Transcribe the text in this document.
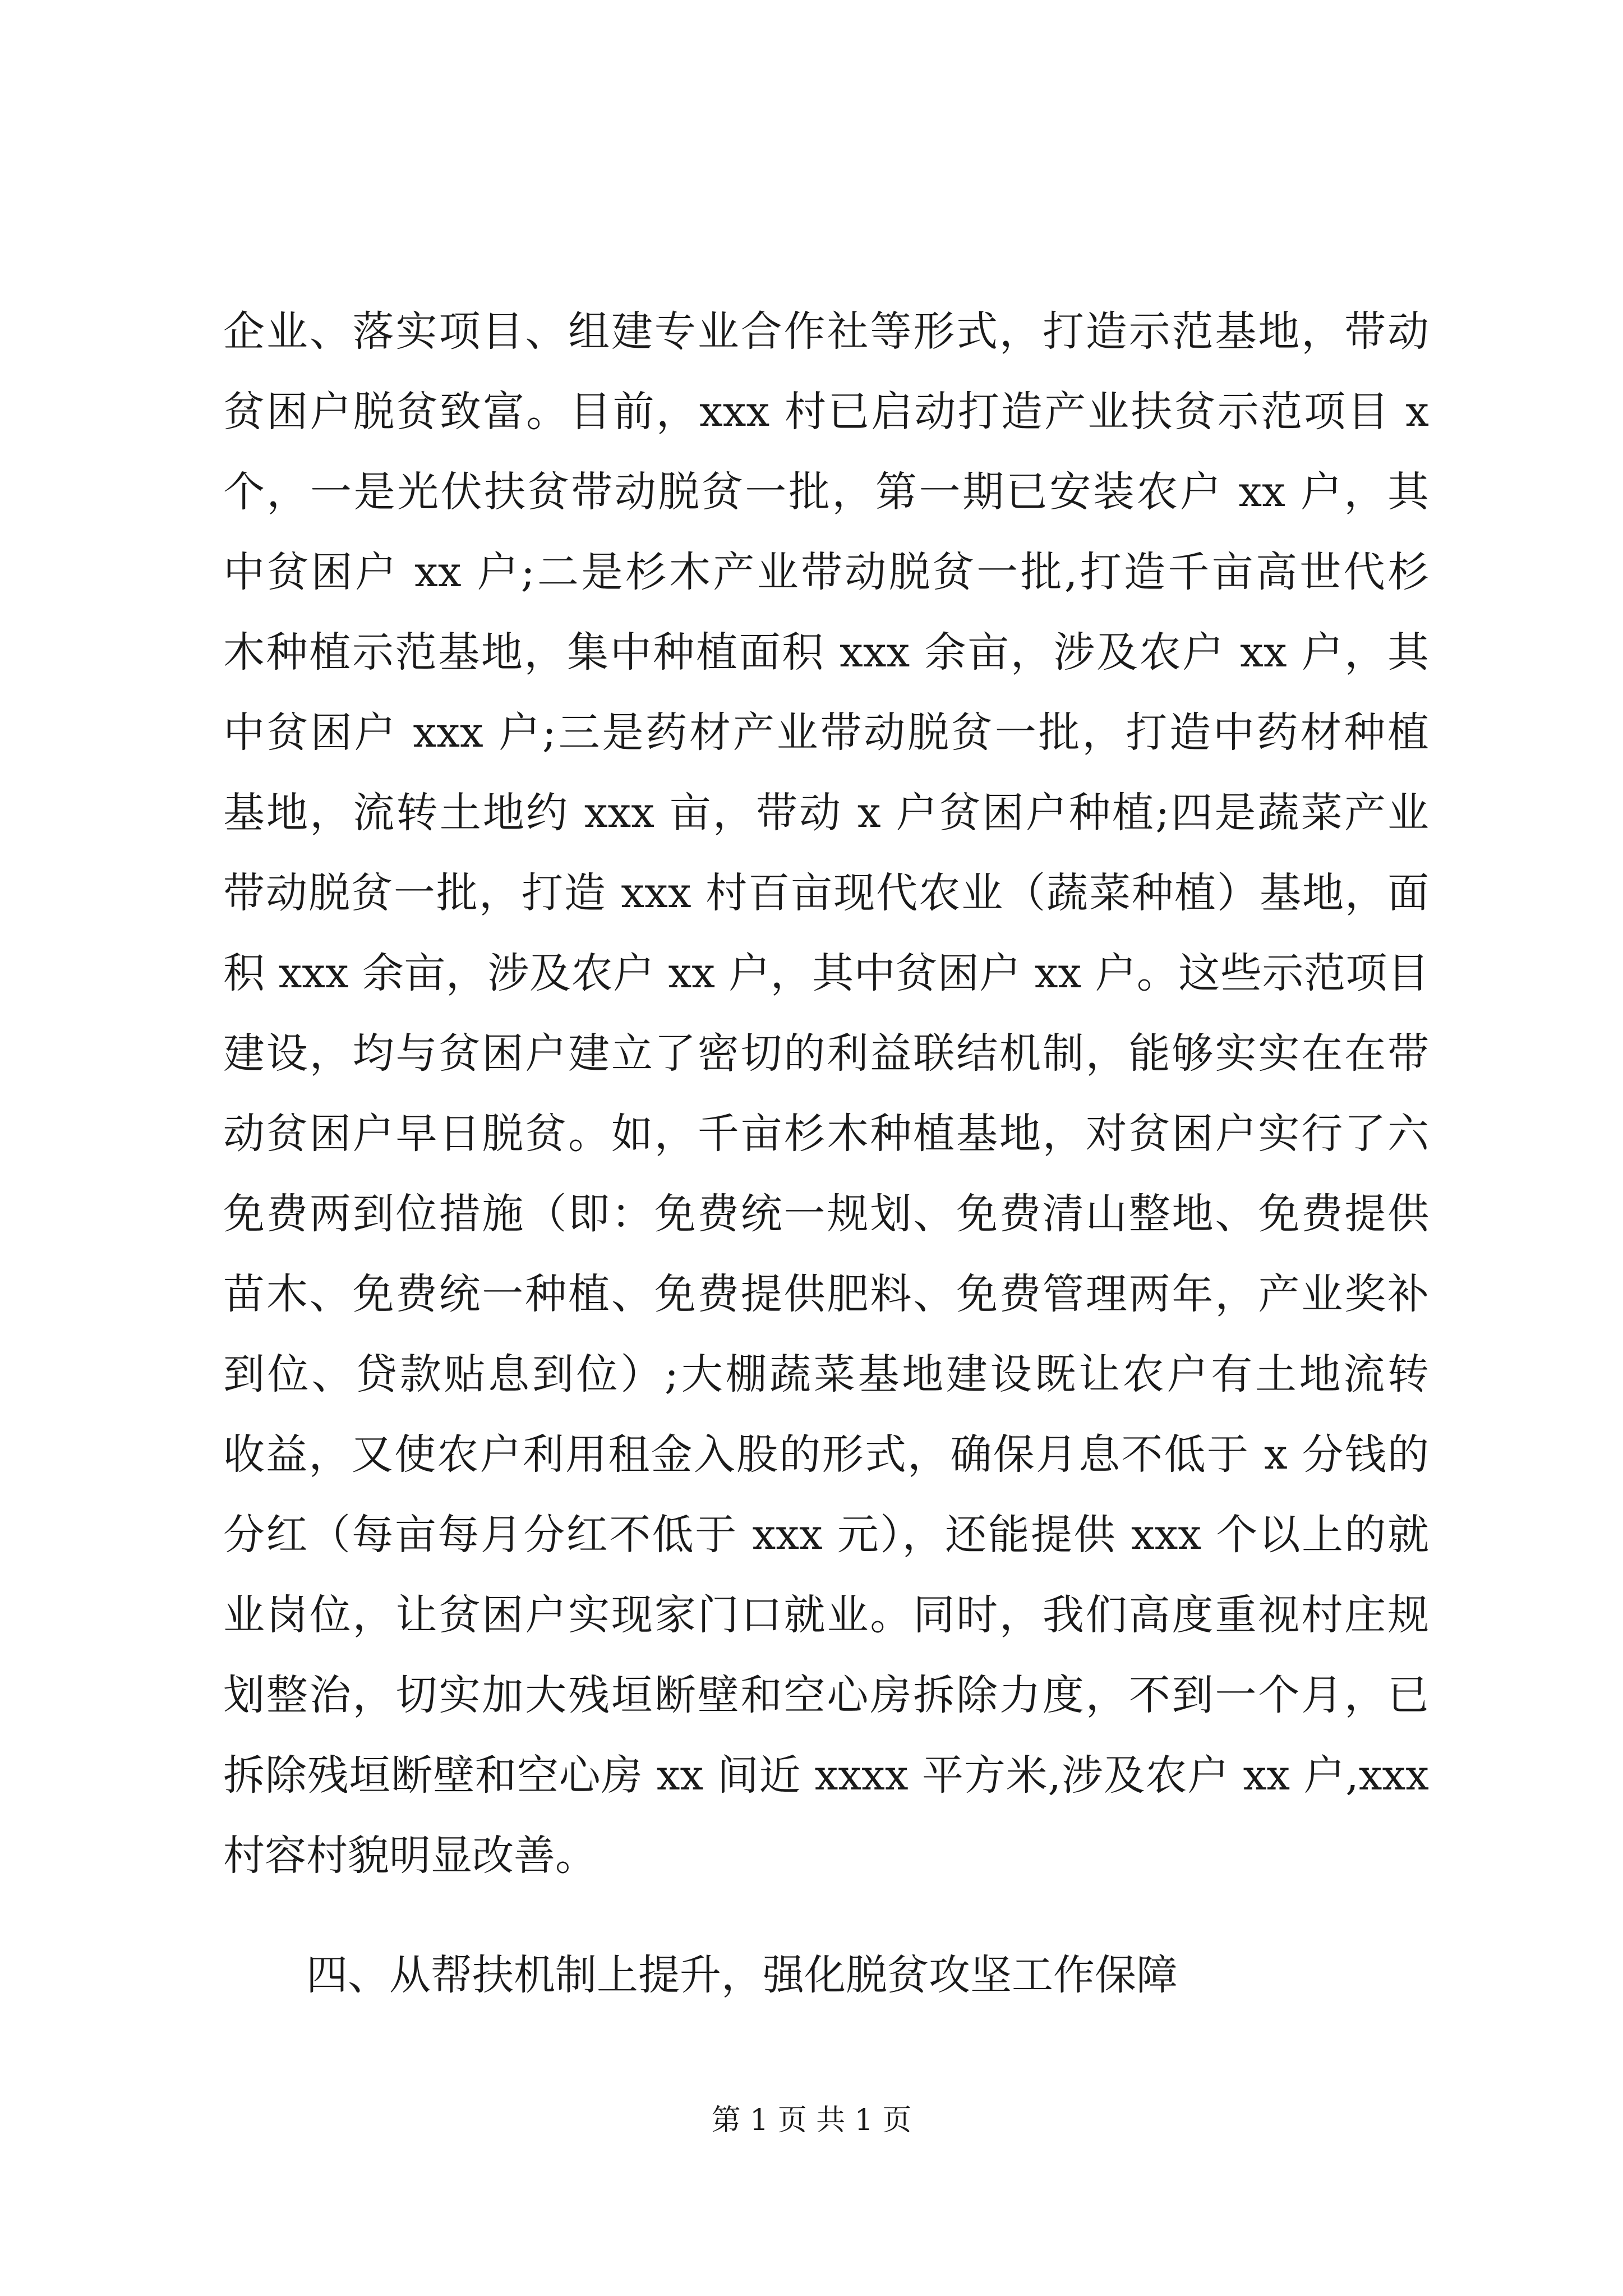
企业、落实项目、组建专业合作社等形式，打造示范基地，带动
贫困户脱贫致富。目前，xxx 村已启动打造产业扶贫示范项目 x
个，一是光伏扶贫带动脱贫一批，第一期已安装农户 xx 户，其
中贫困户 xx 户;二是杉木产业带动脱贫一批,打造千亩高世代杉
木种植示范基地，集中种植面积 xxx 余亩，涉及农户 xx 户，其
中贫困户 xxx 户;三是药材产业带动脱贫一批，打造中药材种植
基地，流转土地约 xxx 亩，带动 x 户贫困户种植;四是蔬菜产业
带动脱贫一批，打造 xxx 村百亩现代农业（蔬菜种植）基地，面
积 xxx 余亩，涉及农户 xx 户，其中贫困户 xx 户。这些示范项目
建设，均与贫困户建立了密切的利益联结机制，能够实实在在带
动贫困户早日脱贫。如，千亩杉木种植基地，对贫困户实行了六
免费两到位措施（即：免费统一规划、免费清山整地、免费提供
苗木、免费统一种植、免费提供肥料、免费管理两年，产业奖补
到位、贷款贴息到位）;大棚蔬菜基地建设既让农户有土地流转
收益，又使农户利用租金入股的形式，确保月息不低于 x 分钱的
分红（每亩每月分红不低于 xxx 元），还能提供 xxx 个以上的就
业岗位，让贫困户实现家门口就业。同时，我们高度重视村庄规
划整治，切实加大残垣断壁和空心房拆除力度，不到一个月，已
拆除残垣断壁和空心房 xx 间近 xxxx 平方米,涉及农户 xx 户,xxx
村容村貌明显改善。
四、从帮扶机制上提升，强化脱贫攻坚工作保障
第 1 页 共 1 页
